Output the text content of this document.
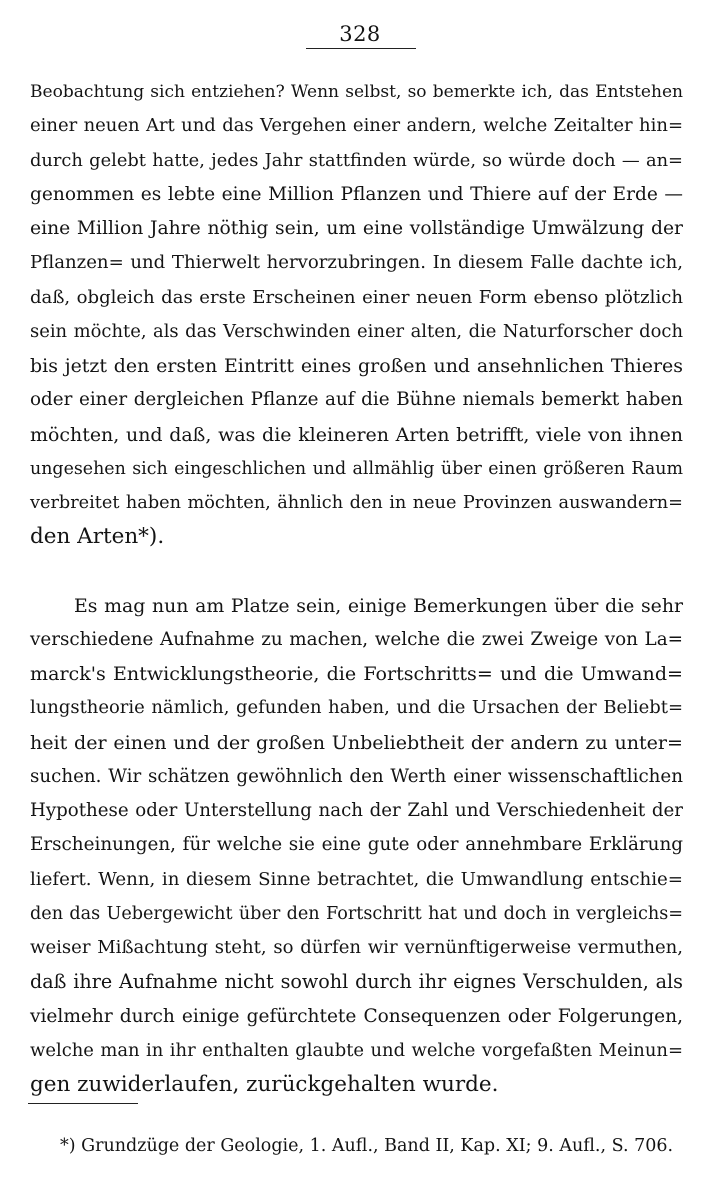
328
Beobachtung sich entziehen? Wenn selbst, so bemerkte ich, das Entstehen
einer neuen Art und das Vergehen einer andern, welche Zeitalter hin=
durch gelebt hatte, jedes Jahr stattfinden würde, so würde doch — an=
genommen es lebte eine Million Pflanzen und Thiere auf der Erde —
eine Million Jahre nöthig sein, um eine vollständige Umwälzung der
Pflanzen= und Thierwelt hervorzubringen. In diesem Falle dachte ich,
daß, obgleich das erste Erscheinen einer neuen Form ebenso plötzlich
sein möchte, als das Verschwinden einer alten, die Naturforscher doch
bis jetzt den ersten Eintritt eines großen und ansehnlichen Thieres
oder einer dergleichen Pflanze auf die Bühne niemals bemerkt haben
möchten, und daß, was die kleineren Arten betrifft, viele von ihnen
ungesehen sich eingeschlichen und allmählig über einen größeren Raum
verbreitet haben möchten, ähnlich den in neue Provinzen auswandern=
den Arten*).
Es mag nun am Platze sein, einige Bemerkungen über die sehr
verschiedene Aufnahme zu machen, welche die zwei Zweige von La=
marck's Entwicklungstheorie, die Fortschritts= und die Umwand=
lungstheorie nämlich, gefunden haben, und die Ursachen der Beliebt=
heit der einen und der großen Unbeliebtheit der andern zu unter=
suchen. Wir schätzen gewöhnlich den Werth einer wissenschaftlichen
Hypothese oder Unterstellung nach der Zahl und Verschiedenheit der
Erscheinungen, für welche sie eine gute oder annehmbare Erklärung
liefert. Wenn, in diesem Sinne betrachtet, die Umwandlung entschie=
den das Uebergewicht über den Fortschritt hat und doch in vergleichs=
weiser Mißachtung steht, so dürfen wir vernünftigerweise vermuthen,
daß ihre Aufnahme nicht sowohl durch ihr eignes Verschulden, als
vielmehr durch einige gefürchtete Consequenzen oder Folgerungen,
welche man in ihr enthalten glaubte und welche vorgefaßten Meinun=
gen zuwiderlaufen, zurückgehalten wurde.
*) Grundzüge der Geologie, 1. Aufl., Band II, Kap. XI; 9. Aufl., S. 706.
